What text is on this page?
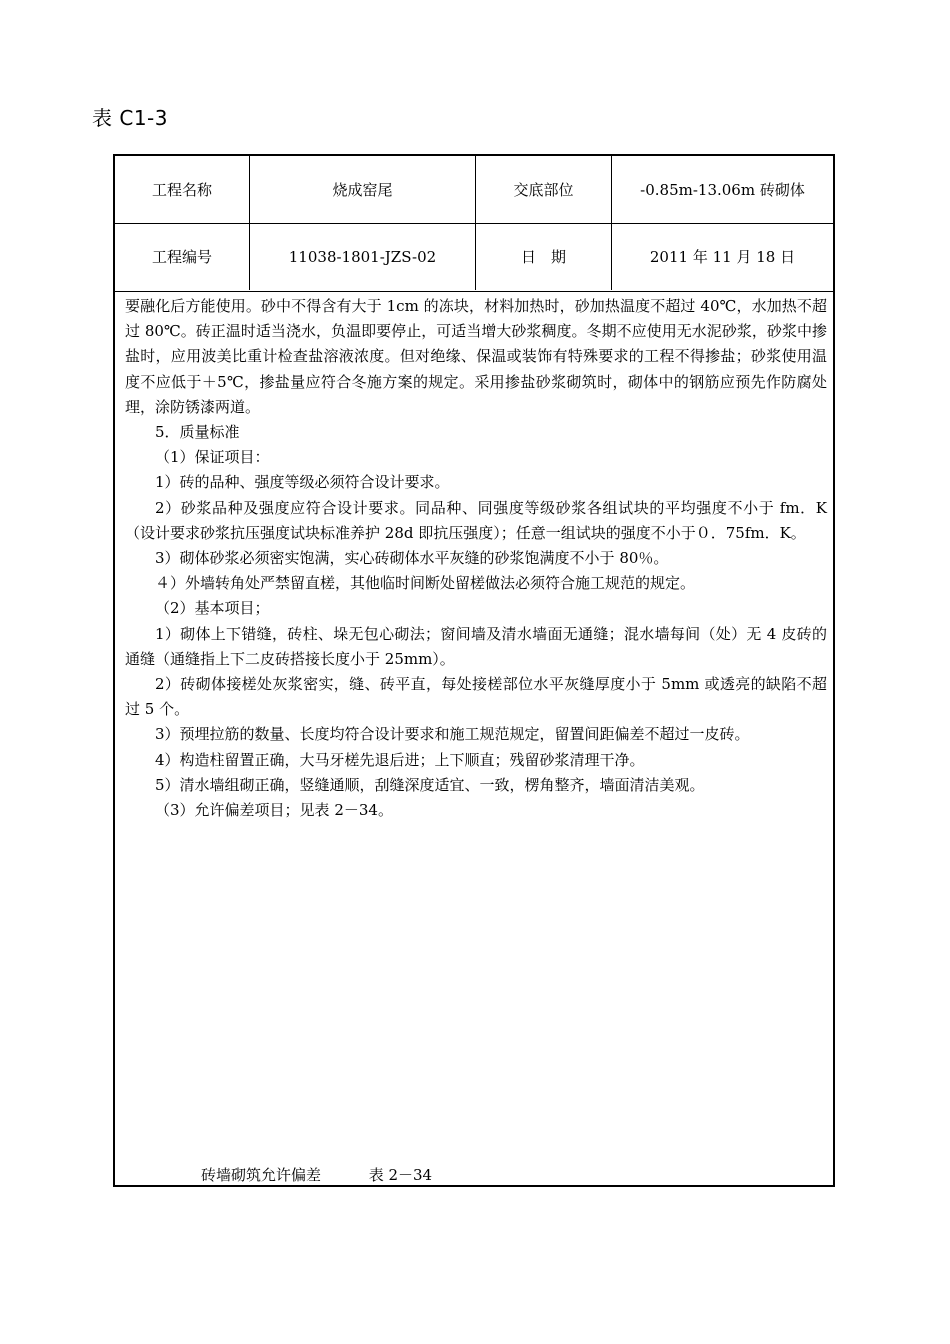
表 C1-3
工程名称	烧成窑尾	交底部位	-0.85m-13.06m 砖砌体
工程编号	11038-1801-JZS-02	日　期	2011 年 11 月 18 日

要融化后方能使用。砂中不得含有大于 1cm 的冻块，材料加热时，砂加热温度不超过 40℃，水加热不超过 80℃。砖正温时适当浇水，负温即要停止，可适当增大砂浆稠度。冬期不应使用无水泥砂浆，砂浆中掺盐时，应用波美比重计检查盐溶液浓度。但对绝缘、保温或装饰有特殊要求的工程不得掺盐；砂浆使用温度不应低于＋5℃，掺盐量应符合冬施方案的规定。采用掺盐砂浆砌筑时，砌体中的钢筋应预先作防腐处理，涂防锈漆两道。

5．质量标准

（1）保证项目：

1）砖的品种、强度等级必须符合设计要求。

2）砂浆品种及强度应符合设计要求。同品种、同强度等级砂浆各组试块的平均强度不小于 fm．K（设计要求砂浆抗压强度试块标准养护 28d 即抗压强度）；任意一组试块的强度不小于０．75fm．K。

3）砌体砂浆必须密实饱满，实心砖砌体水平灰缝的砂浆饱满度不小于 80％。

４）外墙转角处严禁留直槎，其他临时间断处留槎做法必须符合施工规范的规定。

（2）基本项目；

1）砌体上下错缝，砖柱、垛无包心砌法；窗间墙及清水墙面无通缝；混水墙每间（处）无 4 皮砖的通缝（通缝指上下二皮砖搭接长度小于 25mm）。

2）砖砌体接槎处灰浆密实，缝、砖平直，每处接槎部位水平灰缝厚度小于 5mm 或透亮的缺陷不超过 5 个。

3）预埋拉筋的数量、长度均符合设计要求和施工规范规定，留置间距偏差不超过一皮砖。

4）构造柱留置正确，大马牙槎先退后进；上下顺直；残留砂浆清理干净。

5）清水墙组砌正确，竖缝通顺，刮缝深度适宜、一致，楞角整齐，墙面清洁美观。

（3）允许偏差项目；见表 2－34。

砖墙砌筑允许偏差	表 2－34
